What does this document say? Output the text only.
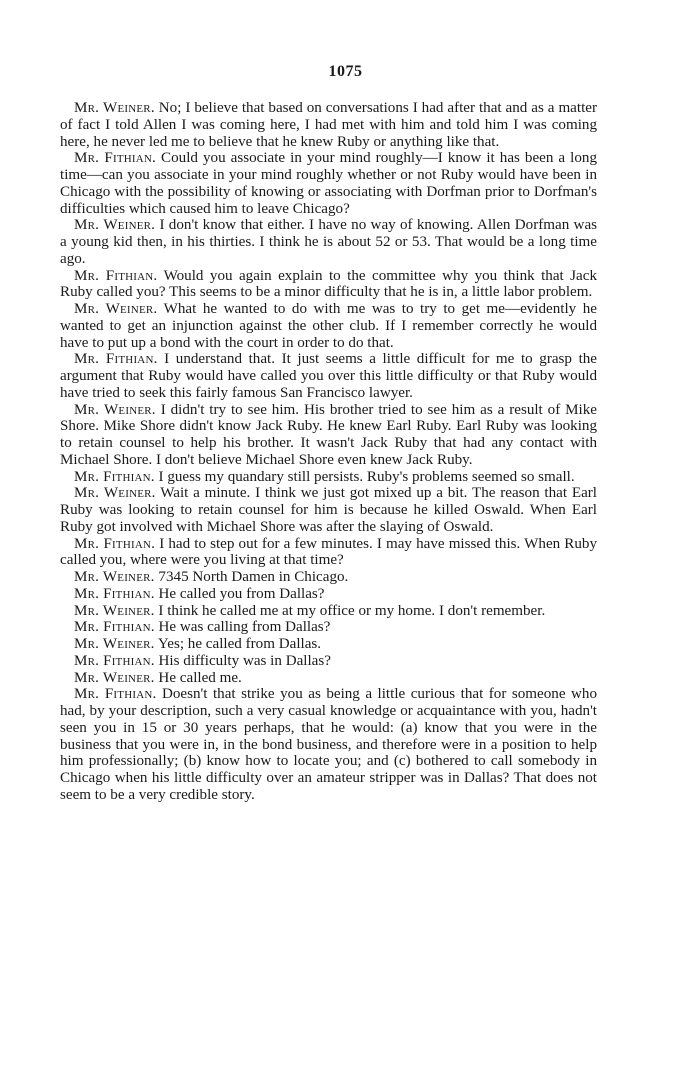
1075

Mr. Weiner. No; I believe that based on conversations I had after that and as a matter of fact I told Allen I was coming here, I had met with him and told him I was coming here, he never led me to believe that he knew Ruby or anything like that.

Mr. Fithian. Could you associate in your mind roughly—I know it has been a long time—can you associate in your mind roughly whether or not Ruby would have been in Chicago with the possibility of knowing or associating with Dorfman prior to Dorfman's difficulties which caused him to leave Chicago?

Mr. Weiner. I don't know that either. I have no way of knowing. Allen Dorfman was a young kid then, in his thirties. I think he is about 52 or 53. That would be a long time ago.

Mr. Fithian. Would you again explain to the committee why you think that Jack Ruby called you? This seems to be a minor difficulty that he is in, a little labor problem.

Mr. Weiner. What he wanted to do with me was to try to get me—evidently he wanted to get an injunction against the other club. If I remember correctly he would have to put up a bond with the court in order to do that.

Mr. Fithian. I understand that. It just seems a little difficult for me to grasp the argument that Ruby would have called you over this little difficulty or that Ruby would have tried to seek this fairly famous San Francisco lawyer.

Mr. Weiner. I didn't try to see him. His brother tried to see him as a result of Mike Shore. Mike Shore didn't know Jack Ruby. He knew Earl Ruby. Earl Ruby was looking to retain counsel to help his brother. It wasn't Jack Ruby that had any contact with Michael Shore. I don't believe Michael Shore even knew Jack Ruby.

Mr. Fithian. I guess my quandary still persists. Ruby's problems seemed so small.

Mr. Weiner. Wait a minute. I think we just got mixed up a bit. The reason that Earl Ruby was looking to retain counsel for him is because he killed Oswald. When Earl Ruby got involved with Michael Shore was after the slaying of Oswald.

Mr. Fithian. I had to step out for a few minutes. I may have missed this. When Ruby called you, where were you living at that time?

Mr. Weiner. 7345 North Damen in Chicago.

Mr. Fithian. He called you from Dallas?

Mr. Weiner. I think he called me at my office or my home. I don't remember.

Mr. Fithian. He was calling from Dallas?

Mr. Weiner. Yes; he called from Dallas.

Mr. Fithian. His difficulty was in Dallas?

Mr. Weiner. He called me.

Mr. Fithian. Doesn't that strike you as being a little curious that for someone who had, by your description, such a very casual knowledge or acquaintance with you, hadn't seen you in 15 or 30 years perhaps, that he would: (a) know that you were in the business that you were in, in the bond business, and therefore were in a position to help him professionally; (b) know how to locate you; and (c) bothered to call somebody in Chicago when his little difficulty over an amateur stripper was in Dallas? That does not seem to be a very credible story.
